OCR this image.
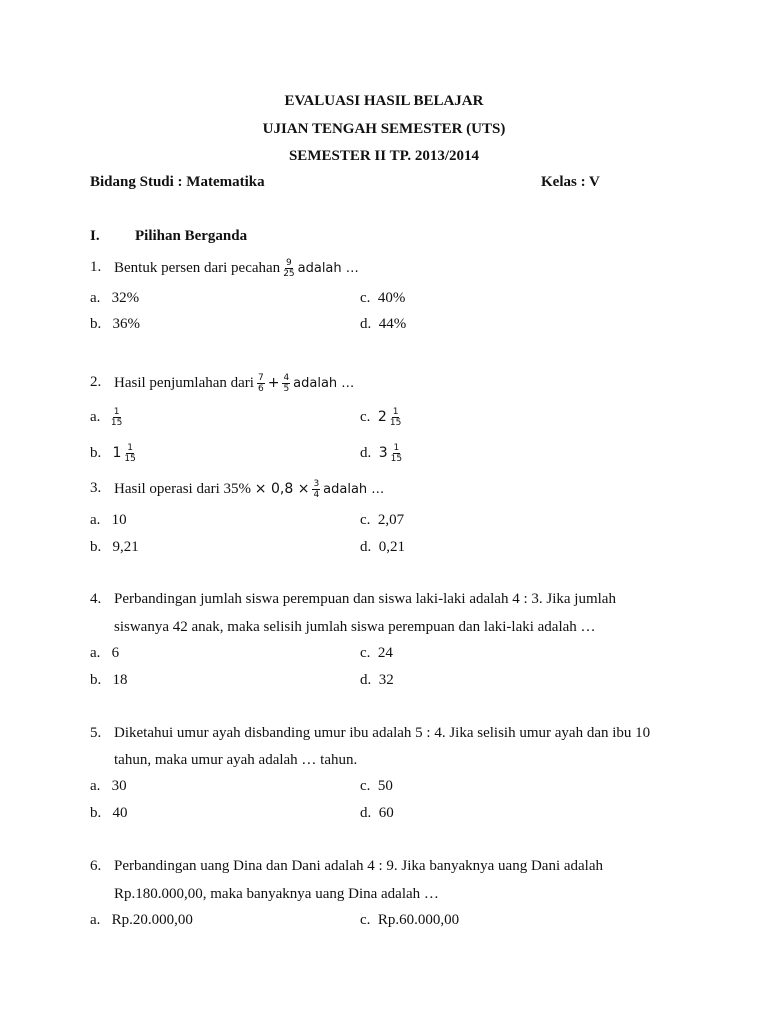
EVALUASI HASIL BELAJAR
UJIAN TENGAH SEMESTER (UTS)
SEMESTER II TP. 2013/2014
Bidang Studi : Matematika	Kelas : V
I. Pilihan Berganda
1. Bentuk persen dari pecahan $\frac{9}{25}$ adalah …
a. 32%
b. 36%
c. 40%
d. 44%
2. Hasil penjumlahan dari $\frac{7}{6} + \frac{4}{5}$ adalah …
a. $\frac{1}{15}$
b. $1 \frac{1}{15}$
c. $2 \frac{1}{15}$
d. $3 \frac{1}{15}$
3. Hasil operasi dari $35\% \times 0,8 \times \frac{3}{4}$ adalah …
a. 10
b. 9,21
c. 2,07
d. 0,21
4. Perbandingan jumlah siswa perempuan dan siswa laki-laki adalah 4 : 3. Jika jumlah
siswanya 42 anak, maka selisih jumlah siswa perempuan dan laki-laki adalah …
a. 6
b. 18
c. 24
d. 32
5. Diketahui umur ayah disbanding umur ibu adalah 5 : 4. Jika selisih umur ayah dan ibu 10
tahun, maka umur ayah adalah … tahun.
a. 30
b. 40
c. 50
d. 60
6. Perbandingan uang Dina dan Dani adalah 4 : 9. Jika banyaknya uang Dani adalah
Rp.180.000,00, maka banyaknya uang Dina adalah …
a. Rp.20.000,00	c. Rp.60.000,00
